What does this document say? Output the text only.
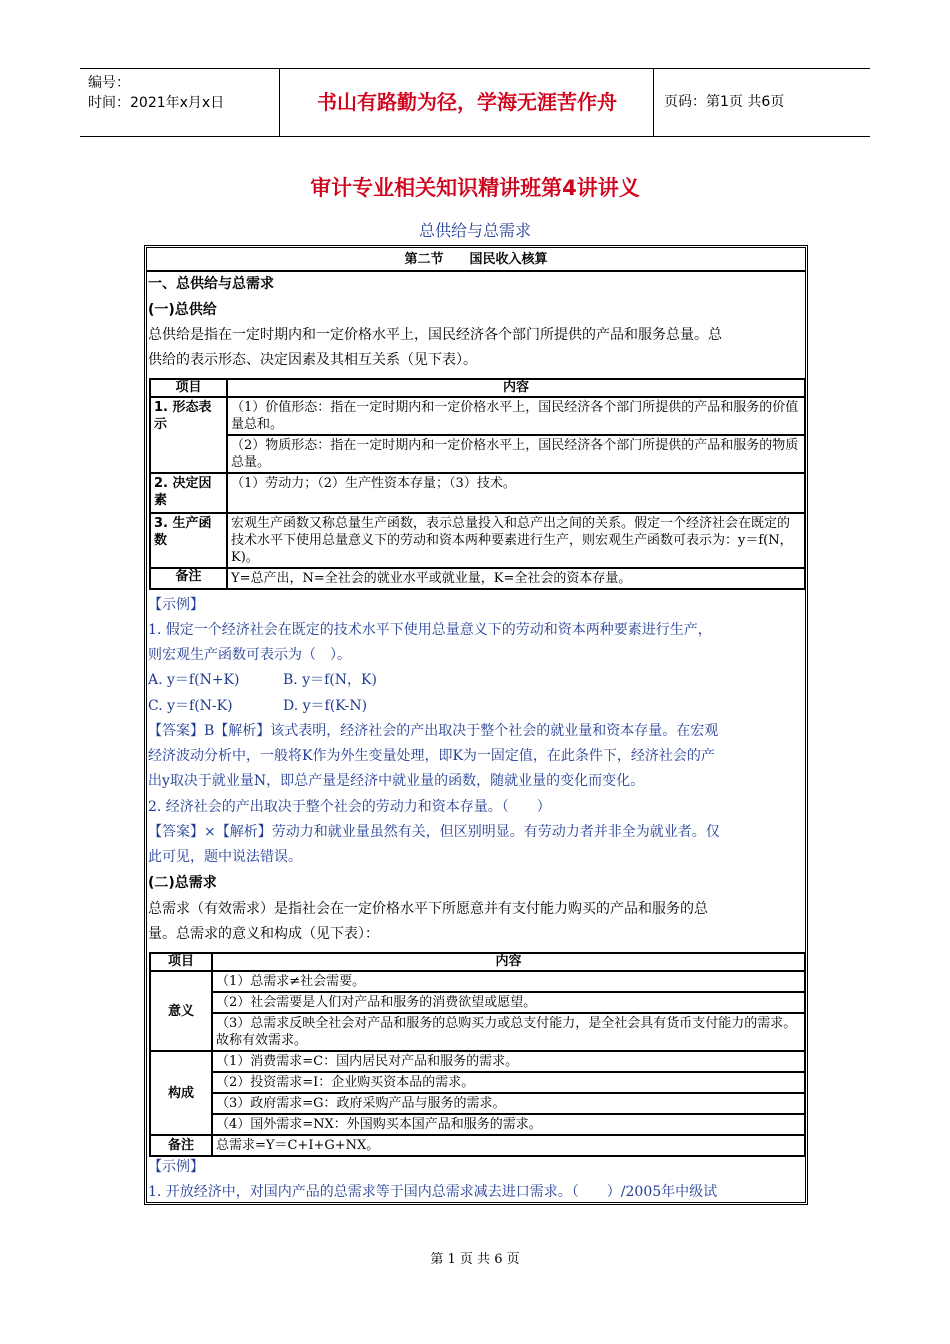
编号：
时间：2021年x月x日	书山有路勤为径，学海无涯苦作舟	页码：第1页 共6页
审计专业相关知识精讲班第4讲讲义
总供给与总需求
第二节　　国民收入核算
一、总供给与总需求
(一)总供给
总供给是指在一定时期内和一定价格水平上，国民经济各个部门所提供的产品和服务总量。总
供给的表示形态、决定因素及其相互关系（见下表）。
项目	内容
1. 形态表示	（1）价值形态：指在一定时期内和一定价格水平上，国民经济各个部门所提供的产品和服务的价值量总和。
	（2）物质形态：指在一定时期内和一定价格水平上，国民经济各个部门所提供的产品和服务的物质总量。
2. 决定因素	（1）劳动力；（2）生产性资本存量；（3）技术。
3. 生产函数	宏观生产函数又称总量生产函数，表示总量投入和总产出之间的关系。假定一个经济社会在既定的技术水平下使用总量意义下的劳动和资本两种要素进行生产，则宏观生产函数可表示为：y＝f(N，K)。
备注	Y=总产出，N=全社会的就业水平或就业量，K=全社会的资本存量。
【示例】
1. 假定一个经济社会在既定的技术水平下使用总量意义下的劳动和资本两种要素进行生产，
则宏观生产函数可表示为（　）。
A. y＝f(N+K)	B. y＝f(N，K)
C. y＝f(N-K)	D. y＝f(K-N)
【答案】B【解析】该式表明，经济社会的产出取决于整个社会的就业量和资本存量。在宏观
经济波动分析中，一般将K作为外生变量处理，即K为一固定值，在此条件下，经济社会的产
出y取决于就业量N，即总产量是经济中就业量的函数，随就业量的变化而变化。
2. 经济社会的产出取决于整个社会的劳动力和资本存量。（　　）
【答案】×【解析】劳动力和就业量虽然有关，但区别明显。有劳动力者并非全为就业者。仅
此可见，题中说法错误。
(二)总需求
总需求（有效需求）是指社会在一定价格水平下所愿意并有支付能力购买的产品和服务的总
量。总需求的意义和构成（见下表）：
项目	内容
意义	（1）总需求≠社会需要。
	（2）社会需要是人们对产品和服务的消费欲望或愿望。
	（3）总需求反映全社会对产品和服务的总购买力或总支付能力，是全社会具有货币支付能力的需求。故称有效需求。
构成	（1）消费需求=C：国内居民对产品和服务的需求。
	（2）投资需求=I：企业购买资本品的需求。
	（3）政府需求=G：政府采购产品与服务的需求。
	（4）国外需求=NX：外国购买本国产品和服务的需求。
备注	总需求=Y＝C+I+G+NX。
【示例】
1. 开放经济中，对国内产品的总需求等于国内总需求减去进口需求。（　　）/2005年中级试
第 1 页 共 6 页
